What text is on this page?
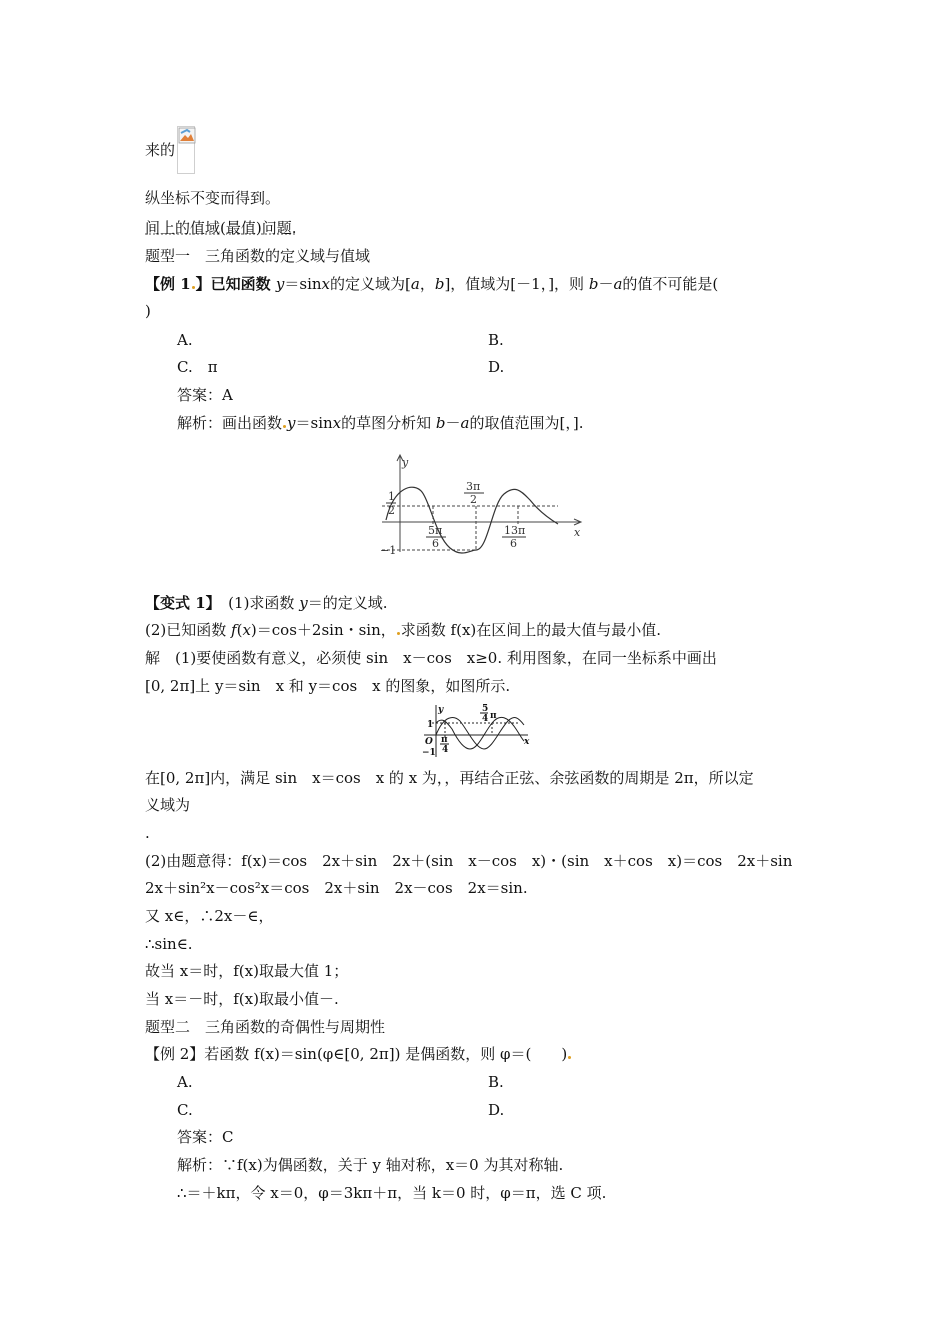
来的
纵坐标不变而得到。
间上的值域(最值)问题.
题型一　三角函数的定义域与值域
【例 1 】已知函数 y＝sinx的定义域为[a，b]，值域为[－1，]，则 b－a的值不可能是(
)
A.	B.
C.　π	D.
答案：A
解析：画出函数 y＝sinx的草图分析知 b－a的取值范围为[，].
y
x
1
2
−1
3π
2
5π
6
13π
6
【变式 1】　(1)求函数 y＝的定义域.
(2)已知函数 f(x)＝cos＋2sin・sin， 求函数 f(x)在区间上的最大值与最小值.
解　(1)要使函数有意义，必须使 sin　x－cos　x≥0. 利用图象，在同一坐标系中画出
[0, 2π]上 y＝sin　x 和 y＝cos　x 的图象，如图所示.
y
x
1
O
−1
π
4
5
4 π
在[0, 2π]内，满足 sin　x＝cos　x 的 x 为，，再结合正弦、余弦函数的周期是 2π，所以定
义域为
.
(2)由题意得：f(x)＝cos　2x＋sin　2x＋(sin　x－cos　x)・(sin　x＋cos　x)＝cos　2x＋sin
2x＋sin²x－cos²x＝cos　2x＋sin　2x－cos　2x＝sin.
又 x∈，∴2x－∈，
∴sin∈.
故当 x＝时，f(x)取最大值 1；
当 x＝－时，f(x)取最小值－.
题型二　三角函数的奇偶性与周期性
【例 2】若函数 f(x)＝sin(φ∈[0, 2π]) 是偶函数，则 φ＝(　　)
A.	B.
C.	D.
答案：C
解析：∵f(x)为偶函数，关于 y 轴对称，x＝0 为其对称轴.
∴＝＋kπ，令 x＝0，φ＝3kπ＋π，当 k＝0 时，φ＝π，选 C 项.
